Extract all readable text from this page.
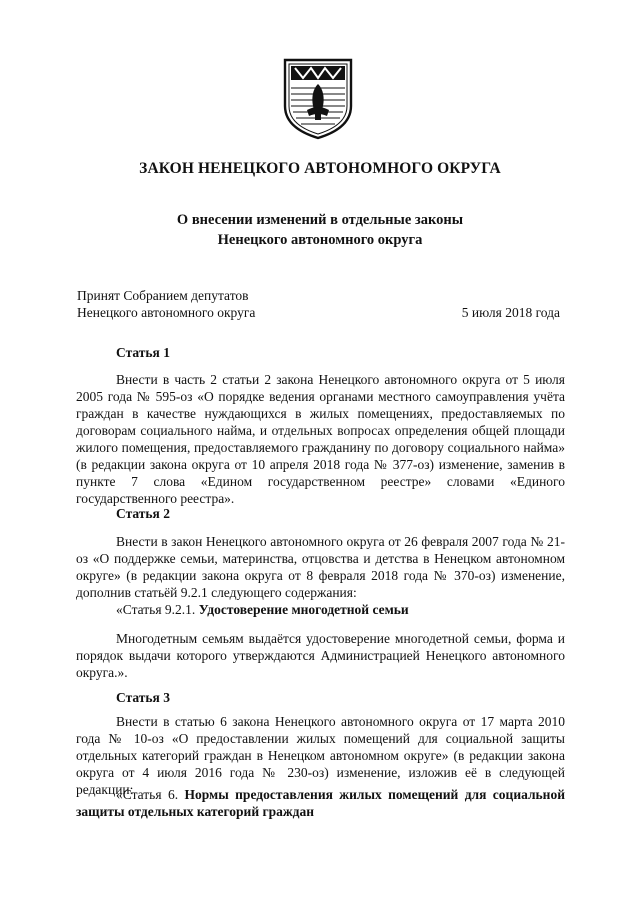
ЗАКОН НЕНЕЦКОГО АВТОНОМНОГО ОКРУГА
О внесении изменений в отдельные законы
Ненецкого автономного округа
Принят Собранием депутатов
Ненецкого автономного округа	5 июля 2018 года
Статья 1

Внести в часть 2 статьи 2 закона Ненецкого автономного округа от 5 июля 2005 года № 595-оз «О порядке ведения органами местного самоуправления учёта граждан в качестве нуждающихся в жилых помещениях, предоставляемых по договорам социального найма, и отдельных вопросах определения общей площади жилого помещения, предоставляемого гражданину по договору социального найма» (в редакции закона округа от 10 апреля 2018 года № 377-оз) изменение, заменив в пункте 7 слова «Едином государственном реестре» словами «Единого государственного реестра».

Статья 2

Внести в закон Ненецкого автономного округа от 26 февраля 2007 года № 21-оз «О поддержке семьи, материнства, отцовства и детства в Ненецком автономном округе» (в редакции закона округа от 8 февраля 2018 года № 370-оз) изменение, дополнив статьёй 9.2.1 следующего содержания:

«Статья 9.2.1. Удостоверение многодетной семьи

Многодетным семьям выдаётся удостоверение многодетной семьи, форма и порядок выдачи которого утверждаются Администрацией Ненецкого автономного округа.».

Статья 3

Внести в статью 6 закона Ненецкого автономного округа от 17 марта 2010 года № 10-оз «О предоставлении жилых помещений для социальной защиты отдельных категорий граждан в Ненецком автономном округе» (в редакции закона округа от 4 июля 2016 года № 230-оз) изменение, изложив её в следующей редакции:

«Статья 6. Нормы предоставления жилых помещений для социальной защиты отдельных категорий граждан
